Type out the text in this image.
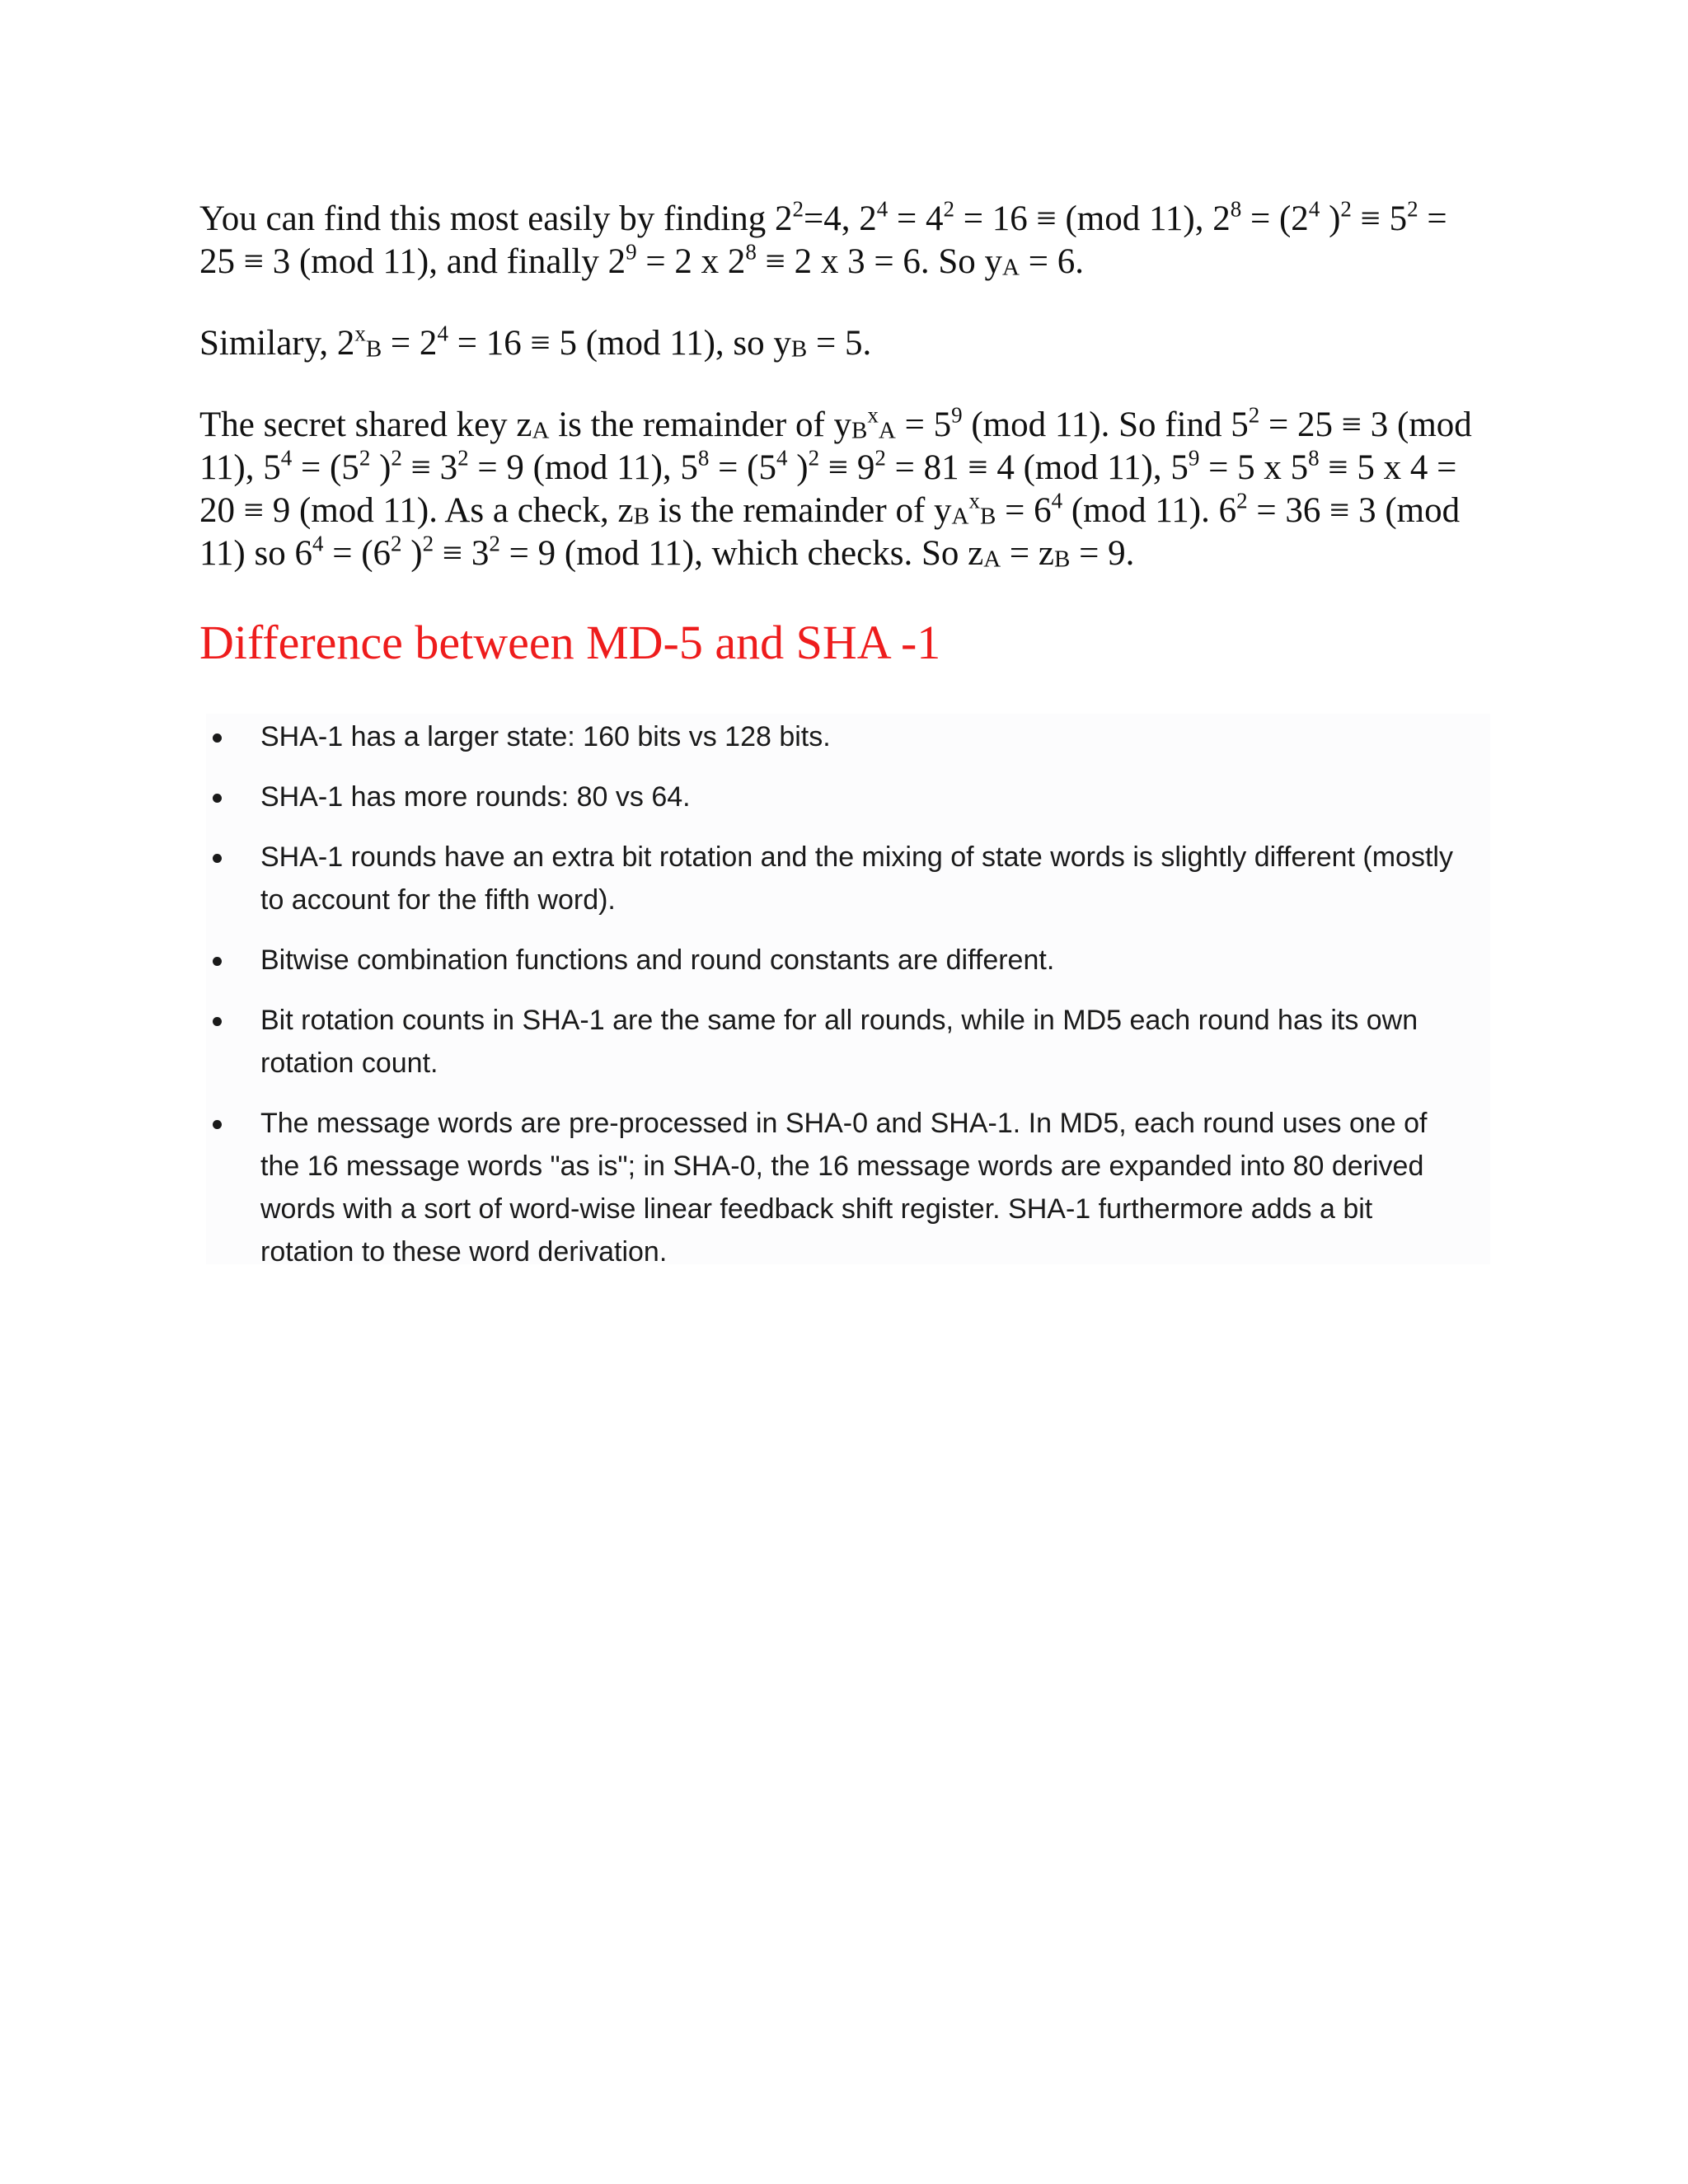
You can find this most easily by finding $2^2=4$, $2^4 = 4^2 = 16 \equiv (mod$ 11), $2^8 = (2^4$ )$^2 \equiv 5^2 = 25 \equiv 3$ (mod 11), and finally $2^9 = 2$ x $2^8 \equiv 2$ x 3 = 6. So $y_A = 6$.
Similary, $2^x_B = 2^4 = 16 \equiv 5$ (mod 11), so $y_B = 5$.
The secret shared key $z_A$ is the remainder of $y_B^x_A = 5^9$ (mod 11). So find $5^2 = 25 \equiv 3$ (mod 11), $5^4 = (5^2$ )$^2 \equiv 3^2 = 9$ (mod 11), $5^8 = (5^4$ )$^2 \equiv 9^2 = 81 \equiv 4$ (mod 11), $5^9 = 5$ x $5^8 \equiv 5$ x 4 = 20 ≡ 9 (mod 11). As a check, $z_B$ is the remainder of $y_A^x_B = 6^4$ (mod 11). $6^2 = 36 \equiv 3$ (mod 11) so $6^4 = (6^2$ )$^2 \equiv 3^2 = 9$ (mod 11), which checks. So $z_A = z_B = 9$.
Difference between MD-5 and SHA -1
SHA-1 has a larger state: 160 bits vs 128 bits.
SHA-1 has more rounds: 80 vs 64.
SHA-1 rounds have an extra bit rotation and the mixing of state words is slightly different (mostly to account for the fifth word).
Bitwise combination functions and round constants are different.
Bit rotation counts in SHA-1 are the same for all rounds, while in MD5 each round has its own rotation count.
The message words are pre-processed in SHA-0 and SHA-1. In MD5, each round uses one of the 16 message words "as is"; in SHA-0, the 16 message words are expanded into 80 derived words with a sort of word-wise linear feedback shift register. SHA-1 furthermore adds a bit rotation to these word derivation.
